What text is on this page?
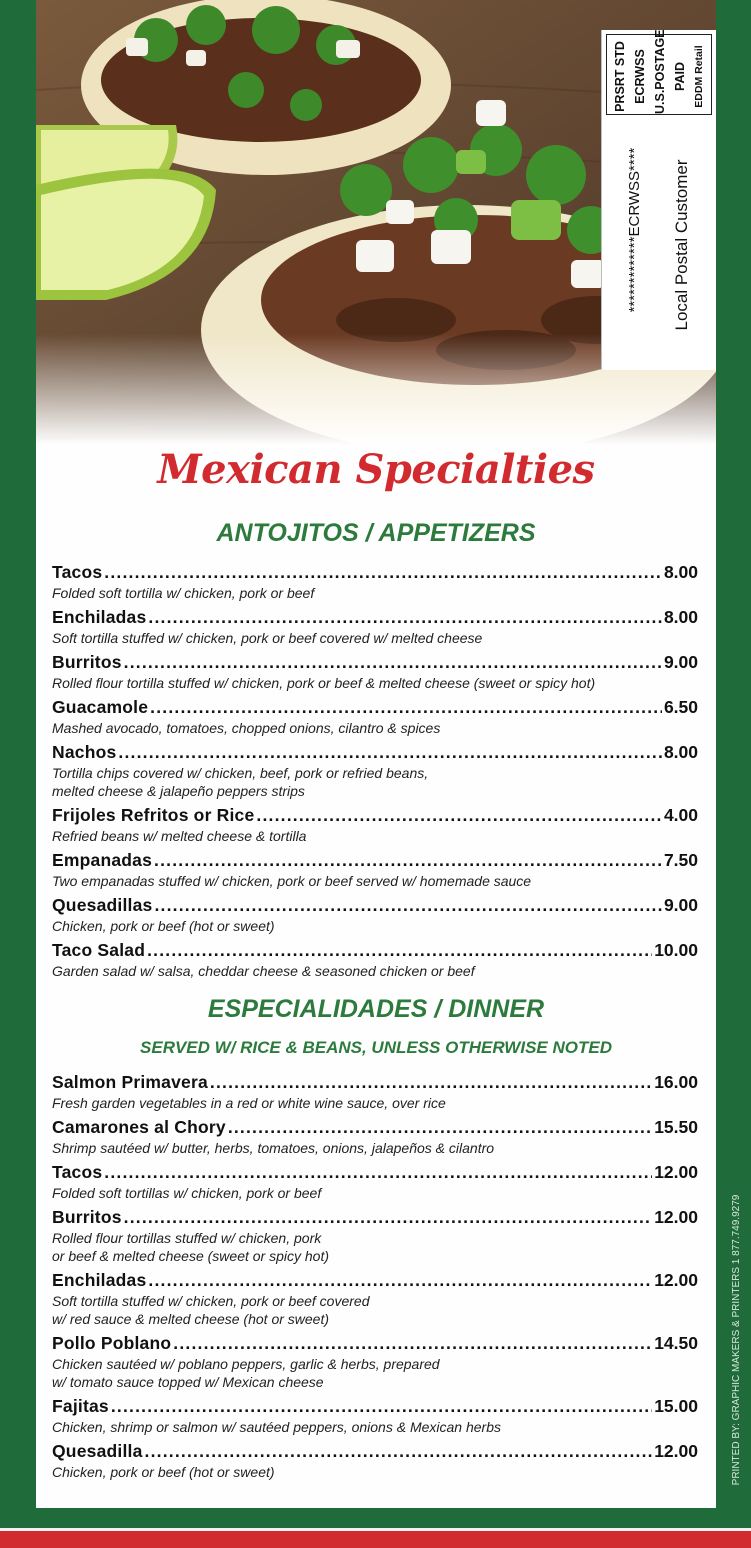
PRSRT STD ECRWSS U.S.POSTAGE PAID EDDM Retail
*************ECRWSS**** Local Postal Customer
Mexican Specialties
ANTOJITOS / APPETIZERS
Tacos .....	8.00
Folded soft tortilla w/ chicken, pork or beef
Enchiladas .....	8.00
Soft tortilla stuffed w/ chicken, pork or beef covered w/ melted cheese
Burritos .....	9.00
Rolled flour tortilla stuffed w/ chicken, pork or beef & melted cheese (sweet or spicy hot)
Guacamole .....	6.50
Mashed avocado, tomatoes, chopped onions, cilantro & spices
Nachos .....	8.00
Tortilla chips covered w/ chicken, beef, pork or refried beans,
melted cheese & jalapeño peppers strips
Frijoles Refritos or Rice .....	4.00
Refried beans w/ melted cheese & tortilla
Empanadas .....	7.50
Two empanadas stuffed w/ chicken, pork or beef served w/ homemade sauce
Quesadillas .....	9.00
Chicken, pork or beef (hot or sweet)
Taco Salad .....	10.00
Garden salad w/ salsa, cheddar cheese & seasoned chicken or beef
ESPECIALIDADES / DINNER
SERVED W/ RICE & BEANS, UNLESS OTHERWISE NOTED
Salmon Primavera .....	16.00
Fresh garden vegetables in a red or white wine sauce, over rice
Camarones al Chory .....	15.50
Shrimp sautéed w/ butter, herbs, tomatoes, onions, jalapeños & cilantro
Tacos .....	12.00
Folded soft tortillas w/ chicken, pork or beef
Burritos .....	12.00
Rolled flour tortillas stuffed w/ chicken, pork
or beef & melted cheese (sweet or spicy hot)
Enchiladas .....	12.00
Soft tortilla stuffed w/ chicken, pork or beef covered
w/ red sauce & melted cheese (hot or sweet)
Pollo Poblano .....	14.50
Chicken sautéed w/ poblano peppers, garlic & herbs, prepared
w/ tomato sauce topped w/ Mexican cheese
Fajitas .....	15.00
Chicken, shrimp or salmon w/ sautéed peppers, onions & Mexican herbs
Quesadilla .....	12.00
Chicken, pork or beef (hot or sweet)	PRINTED BY: GRAPHIC MAKERS & PRINTERS 1 877.749.9279
